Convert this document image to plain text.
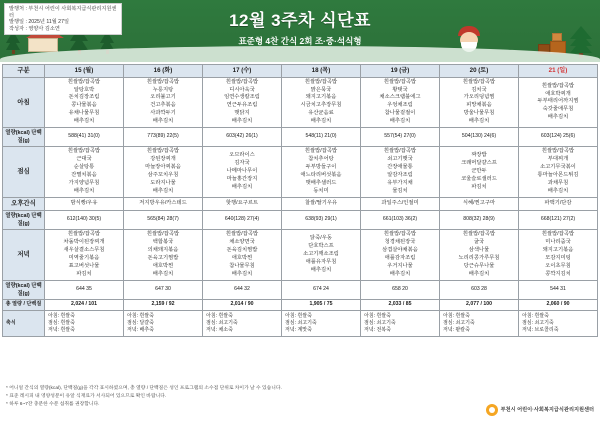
발행처 : 부천시 어린이 사회복지급식관리지원센터
발행일 : 2025년 11월 27일
작성자 : 영양사 김소연	12월 3주차 식단표
표준형 4찬 간식 2회 조·중·석식형
구분	15 (월)	16 (화)	17 (수)	18 (목)	19 (금)	20 (토)	21 (일)
아침	흰쌀밥/잡곡밥
알탕호박
돈치김장조림
콩나물볶음
유채나물무침
배추김치	흰쌀밥/잡곡밥
누룽지탕
오리불고기
건고추볶음
사과깍두기
배추김치	흰쌀밥/잡곡밥
디시아욱국
임연수생칼조림
연근두유조림
맷닭지
배추김치	흰쌀밥/잡곡밥
맑은묵국
돼지고기볶음
시금치고추장무침
유산균음료
배추김치	흰쌀밥/잡곡밥
황탯국
채소스크램블에그
우엉채조림
참나물겉절이
배추김치	흰쌀밥/잡곡밥
김치국
가오리덩념찜
피망채볶음
방울나물무침
배추김치	흰쌀밥/잡곡밥
애호박찌개
두부태리어까지찜
숙갓줄애무침
배추김치
열량(kcal) 단백질(g)	588(41) 31(0)	773(89) 22(5)	603(42) 26(1)	548(11) 21(0)	557(54) 27(0)	504(130) 24(6)	603(124) 25(6)
점심	흰쌀밥/잡곡밥
근대국
순살탕통
잔멸치볶음
가지양념무침
배추김치	흰쌀밥/잡곡밥
강된장찌개
마늘장아찌볶음
삼주꼬치우침
도라지나물
배추김치	오므라이스
김자국
나메마나무이
마늘홍간장지
배추김치	흰쌀밥/잡곡밥
참치추어탕
두부방들구이
애느타리버섯볶음
맷배추샐러드
동치미	흰쌀밥/잡곡밥
쇠고기햇국
간장애물통
알감자조림
유부가지채
물김치	짜장밥
크래머달걀스프
군만두
코울슬로샐러드
파김치	흰쌀밥/잡곡밥
부대찌개
소고기무국볶이
통마늘아몬드튀김
과채무침
배추김치
오후간식	밤식빵/우유	저지방우유/카스테드	핫행/요구르트	찰쌀/딸기우유	과일주스/인절미	식혜/찐고구마	파맥기/단감
열량(kcal) 단백질(g)	612(140) 30(5)	565(84) 28(7)	640(128) 27(4)	638(93) 29(1)	661(103) 36(2)	808(32) 28(9)	668(121) 27(2)
저녁	흰쌀밥/잡곡밥
차돌박이된장찌개
새우살곁소스무침
미역줄기볶음
표고버섯나물
파김치	흰쌀밥/잡곡밥
백합볶국
의채돼지볶음
돈육고기찜밥
애호박찐
배추김치	흰쌀밥/잡곡밥
채소양면국
돈육김치찜밥
애호박찐
참나물무침
배추김치	닭죽/우동
단호박스프
소고기깨소조림
애플유자무침
배추김치	흰쌀밥/잡곡밥
청경채된장국
삼겹살야채볶음
애플감자조림
우거지나물
배추김치	흰쌀밥/잡곡밥
굴국
삼색나물
노리리콩가루무침
당근슈무나물
배추김치	흰쌀밥/잡곡밥
미나리줌국
돼지고기볶음
모감지미팅
오이초무침
콩깍지김치
열량(kcal) 단백질(g)	644 35	647 30	644 32	674 24	658 20	603 28	544 31
총 열량 / 단백질	2,024 / 101	2,159 / 92	2,014 / 90	1,905 / 75	2,033 / 85	2,077 / 100	2,060 / 90
축식	아침: 흰쌀죽
점심: 흰쌀죽
저녁: 흰쌀죽	아침: 흰쌀죽
점심: 달걀죽
저녁: 배추죽	아침: 흰쌀죽
점심: 쇠고기죽
저녁: 채소죽	아침: 흰쌀죽
점심: 쇠고기죽
저녁: 계맛죽	아침: 흰쌀죽
점심: 쇠고기죽
저녁: 전복죽	아침: 흰쌀죽
점심: 쇠고기죽
저녁: 팥칼죽	아침: 흰쌀죽
점심: 쇠고기죽
저녁: 브로콜리죽
* 어니얼 간식의 열량(kcal), 단백질(g)을 각각 표시하였으며, 총 열량 / 단백질은 성인 프로그램의 소수점 단위로 차이가 날 수 있습니다.
* 표준 레시피 내 영양성분이 유알 식재료가 서사되어 있으므로 확인 바랍니다.
* 하루 6~7잔 충분한 수분 섭취를 권장합니다.
부천시 어린이·사회복지급식관리지원센터
